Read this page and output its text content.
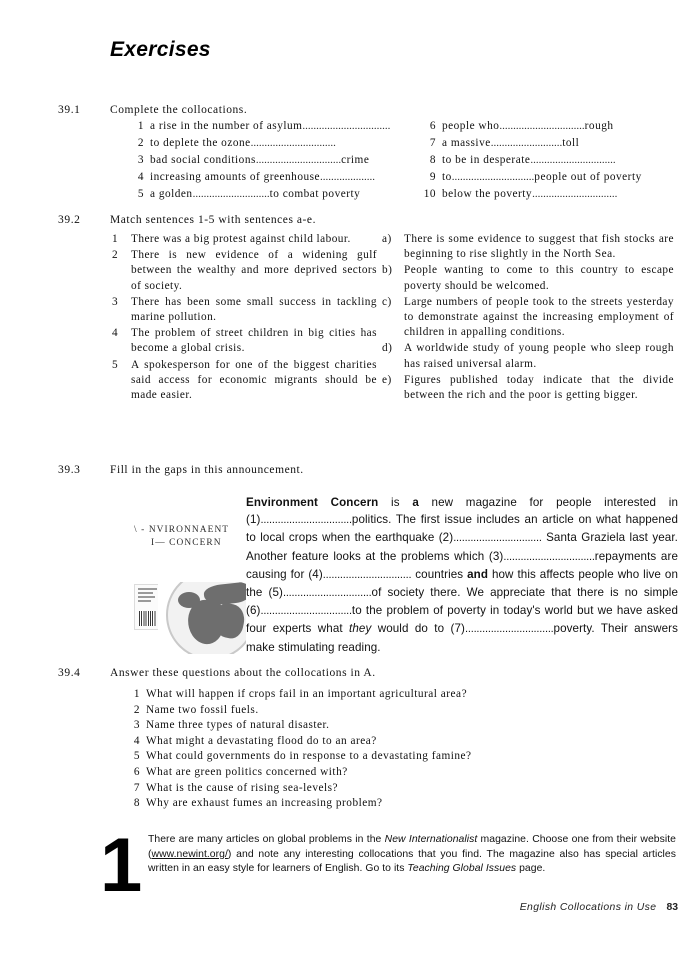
Exercises
39.1	Complete the collocations.
1 a rise in the number of asylum................................
2 to deplete the ozone...............................
3 bad social conditions...............................crime
4 increasing amounts of greenhouse....................
5 a golden............................to combat poverty
6 people who...............................rough
7 a massive..........................toll
8 to be in desperate...............................
9 to..............................people out of poverty
10 below the poverty...............................
39.2	Match sentences 1-5 with sentences a-e.
1	There was a big protest against child labour.
2	There is new evidence of a widening gulf between the wealthy and more deprived sectors of society.
3	There has been some small success in tackling marine pollution.
4	The problem of street children in big cities has become a global crisis.
5	A spokesperson for one of the biggest charities said access for economic migrants should be made easier.
a)	There is some evidence to suggest that fish stocks are beginning to rise slightly in the North Sea.
b)	People wanting to come to this country to escape poverty should be welcomed.
c)	Large numbers of people took to the streets yesterday to demonstrate against the increasing employment of children in appalling conditions.
d)	A worldwide study of young people who sleep rough has raised universal alarm.
e)	Figures published today indicate that the divide between the rich and the poor is getting bigger.
39.3	Fill in the gaps in this announcement.
\ - NVIRONNAENT
I— CONCERN
Environment Concern is a new magazine for people interested in (1)................................politics. The first issue includes an article on what happened to local crops when the earthquake (2)............................... Santa Graziela last year. Another feature looks at the problems which (3)................................repayments are causing for (4)............................... countries and how this affects people who live on the (5)...............................of society there. We appreciate that there is no simple (6)................................to the problem of poverty in today's world but we have asked four experts what they would do to (7)...............................poverty. Their answers make stimulating reading.
39.4	Answer these questions about the collocations in A.
1 What will happen if crops fail in an important agricultural area?
2 Name two fossil fuels.
3 Name three types of natural disaster.
4 What might a devastating flood do to an area?
5 What could governments do in response to a devastating famine?
6 What are green politics concerned with?
7 What is the cause of rising sea-levels?
8 Why are exhaust fumes an increasing problem?
1 There are many articles on global problems in the New Internationalist magazine. Choose one from their website (www.newint.org/) and note any interesting collocations that you find. The magazine also has special articles written in an easy style for learners of English. Go to its Teaching Global Issues page.
English Collocations in Use 83
